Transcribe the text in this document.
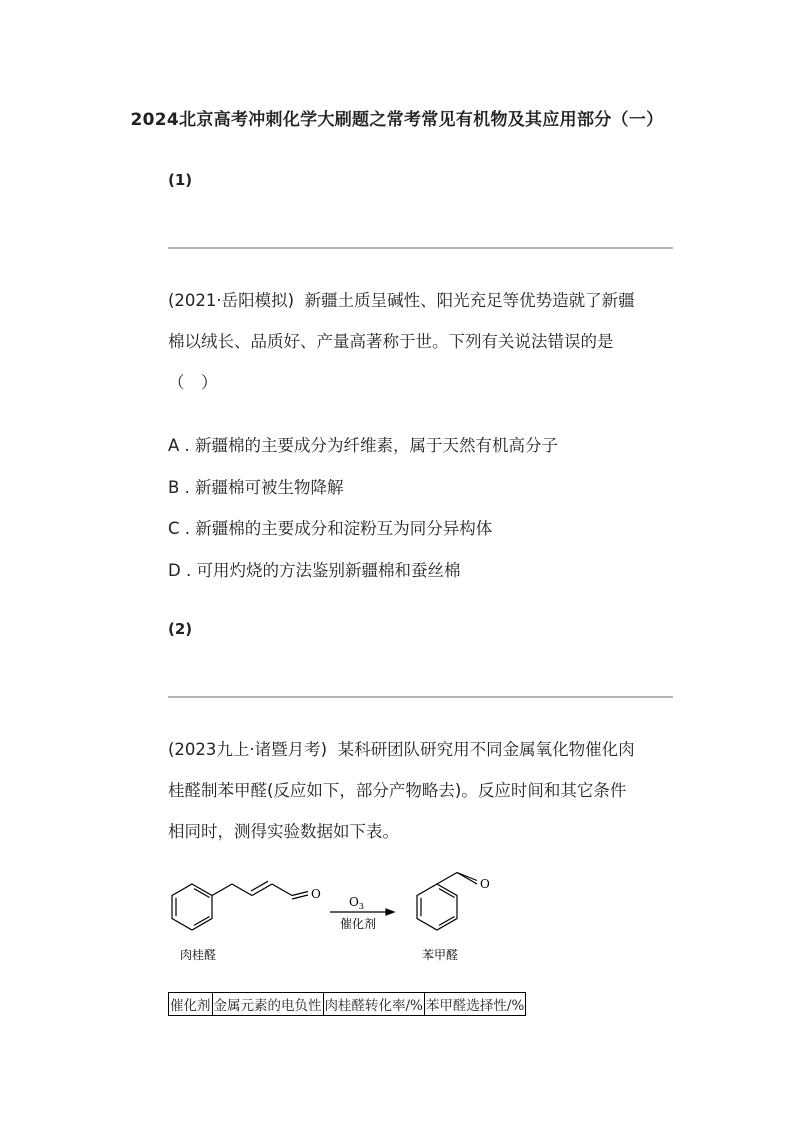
2024北京高考冲刺化学大刷题之常考常见有机物及其应用部分（一）
(1)
(2021·岳阳模拟) 新疆土质呈碱性、阳光充足等优势造就了新疆
棉以绒长、品质好、产量高著称于世。下列有关说法错误的是
（　）
A . 新疆棉的主要成分为纤维素，属于天然有机高分子
B . 新疆棉可被生物降解
C . 新疆棉的主要成分和淀粉互为同分异构体
D . 可用灼烧的方法鉴别新疆棉和蚕丝棉
(2)
(2023九上·诸暨月考) 某科研团队研究用不同金属氧化物催化肉
桂醛制苯甲醛(反应如下，部分产物略去)。反应时间和其它条件
相同时，测得实验数据如下表。
O
O
$O_3$
催化剂
肉桂醛	苯甲醛
催化剂	金属元素的电负性	肉桂醛转化率/%	苯甲醛选择性/%
